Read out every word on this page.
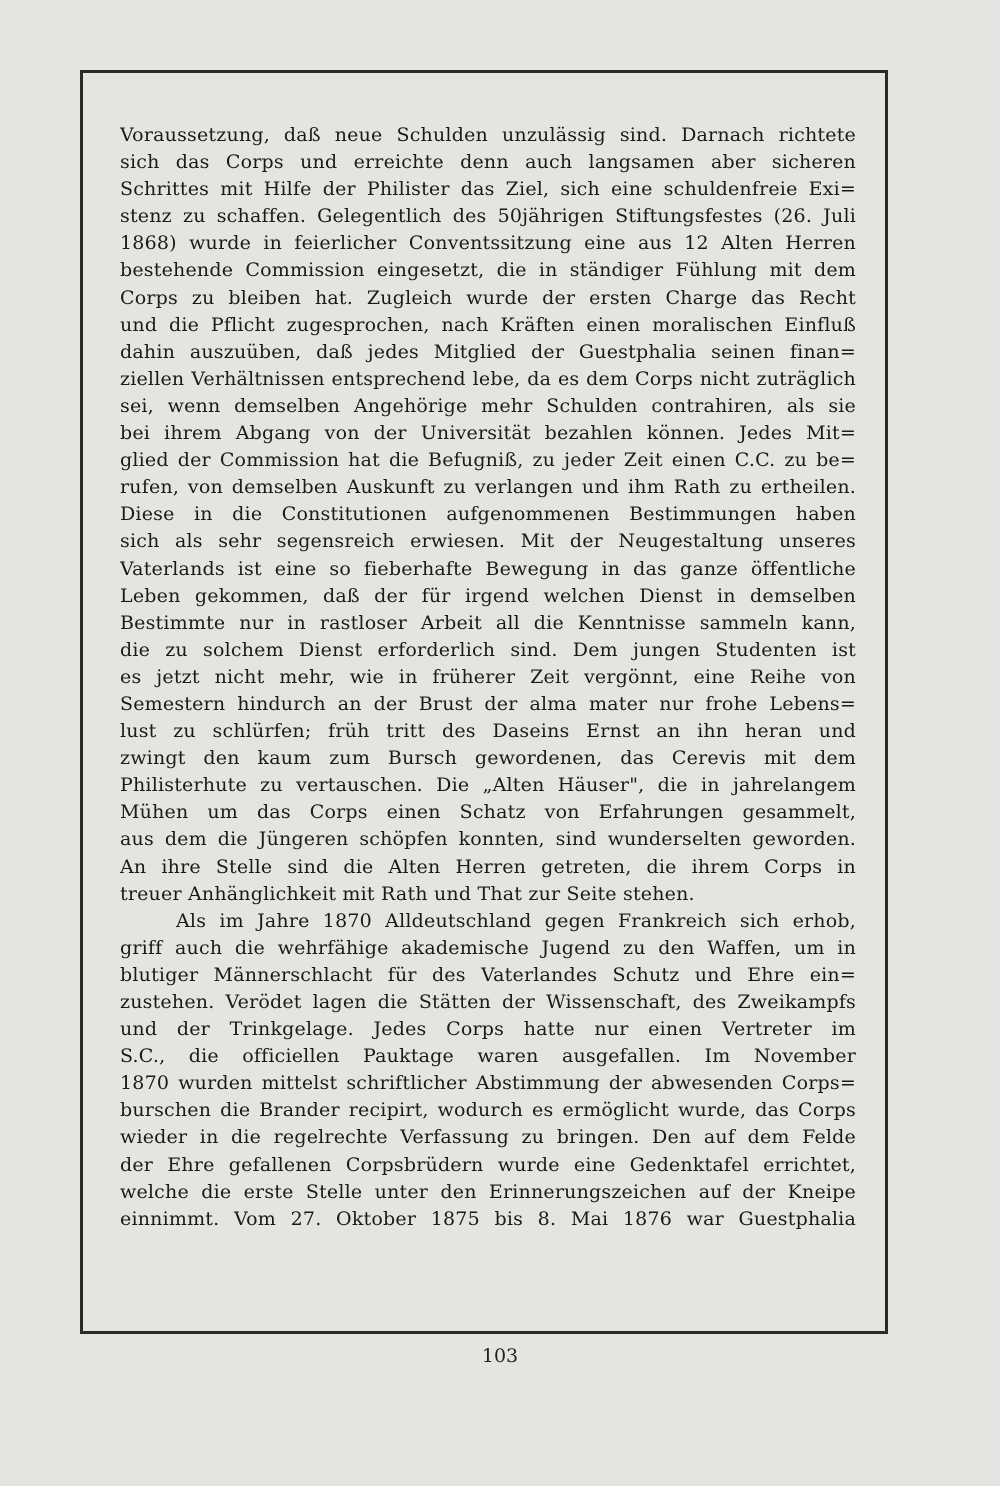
Voraussetzung, daß neue Schulden unzulässig sind. Darnach richtete
sich das Corps und erreichte denn auch langsamen aber sicheren
Schrittes mit Hilfe der Philister das Ziel, sich eine schuldenfreie Exi=
stenz zu schaffen. Gelegentlich des 50jährigen Stiftungsfestes (26. Juli
1868) wurde in feierlicher Conventssitzung eine aus 12 Alten Herren
bestehende Commission eingesetzt, die in ständiger Fühlung mit dem
Corps zu bleiben hat. Zugleich wurde der ersten Charge das Recht
und die Pflicht zugesprochen, nach Kräften einen moralischen Einfluß
dahin auszuüben, daß jedes Mitglied der Guestphalia seinen finan=
ziellen Verhältnissen entsprechend lebe, da es dem Corps nicht zuträglich
sei, wenn demselben Angehörige mehr Schulden contrahiren, als sie
bei ihrem Abgang von der Universität bezahlen können. Jedes Mit=
glied der Commission hat die Befugniß, zu jeder Zeit einen C.C. zu be=
rufen, von demselben Auskunft zu verlangen und ihm Rath zu ertheilen.
Diese in die Constitutionen aufgenommenen Bestimmungen haben
sich als sehr segensreich erwiesen. Mit der Neugestaltung unseres
Vaterlands ist eine so fieberhafte Bewegung in das ganze öffentliche
Leben gekommen, daß der für irgend welchen Dienst in demselben
Bestimmte nur in rastloser Arbeit all die Kenntnisse sammeln kann,
die zu solchem Dienst erforderlich sind. Dem jungen Studenten ist
es jetzt nicht mehr, wie in früherer Zeit vergönnt, eine Reihe von
Semestern hindurch an der Brust der alma mater nur frohe Lebens=
lust zu schlürfen; früh tritt des Daseins Ernst an ihn heran und
zwingt den kaum zum Bursch gewordenen, das Cerevis mit dem
Philisterhute zu vertauschen. Die „Alten Häuser", die in jahrelangem
Mühen um das Corps einen Schatz von Erfahrungen gesammelt,
aus dem die Jüngeren schöpfen konnten, sind wunderselten geworden.
An ihre Stelle sind die Alten Herren getreten, die ihrem Corps in
treuer Anhänglichkeit mit Rath und That zur Seite stehen.
Als im Jahre 1870 Alldeutschland gegen Frankreich sich erhob,
griff auch die wehrfähige akademische Jugend zu den Waffen, um in
blutiger Männerschlacht für des Vaterlandes Schutz und Ehre ein=
zustehen. Verödet lagen die Stätten der Wissenschaft, des Zweikampfs
und der Trinkgelage. Jedes Corps hatte nur einen Vertreter im
S.C., die officiellen Pauktage waren ausgefallen. Im November
1870 wurden mittelst schriftlicher Abstimmung der abwesenden Corps=
burschen die Brander recipirt, wodurch es ermöglicht wurde, das Corps
wieder in die regelrechte Verfassung zu bringen. Den auf dem Felde
der Ehre gefallenen Corpsbrüdern wurde eine Gedenktafel errichtet,
welche die erste Stelle unter den Erinnerungszeichen auf der Kneipe
einnimmt. Vom 27. Oktober 1875 bis 8. Mai 1876 war Guestphalia
103
